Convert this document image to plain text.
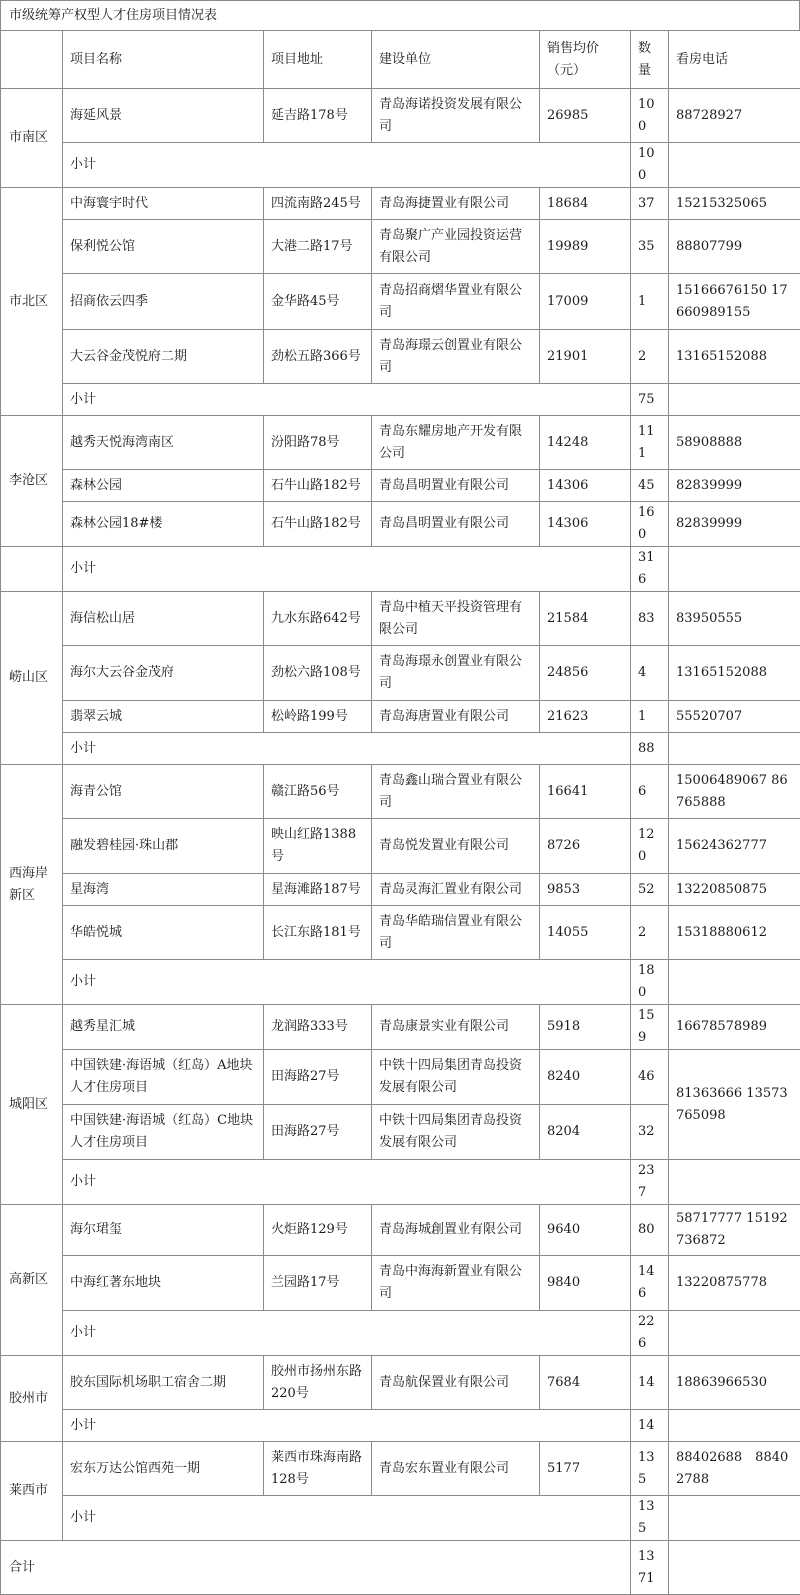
市级统筹产权型人才住房项目情况表
	项目名称	项目地址	建设单位	销售均价（元）	数量	看房电话
市南区	海延风景	延吉路178号	青岛海诺投资发展有限公司	26985	100	88728927
	小计				100	
市北区	中海寰宇时代	四流南路245号	青岛海捷置业有限公司	18684	37	15215325065
	保利悦公馆	大港二路17号	青岛聚广产业园投资运营有限公司	19989	35	88807799
	招商依云四季	金华路45号	青岛招商熠华置业有限公司	17009	1	15166676150 17660989155
	大云谷金茂悦府二期	劲松五路366号	青岛海璟云创置业有限公司	21901	2	13165152088
	小计				75	
李沧区	越秀天悦海湾南区	汾阳路78号	青岛东耀房地产开发有限公司	14248	111	58908888
	森林公园	石牛山路182号	青岛昌明置业有限公司	14306	45	82839999
	森林公园18#楼	石牛山路182号	青岛昌明置业有限公司	14306	160	82839999
	小计				316	
崂山区	海信松山居	九水东路642号	青岛中植天平投资管理有限公司	21584	83	83950555
	海尔大云谷金茂府	劲松六路108号	青岛海璟永创置业有限公司	24856	4	13165152088
	翡翠云城	松岭路199号	青岛海唐置业有限公司	21623	1	55520707
	小计				88	
西海岸新区	海青公馆	赣江路56号	青岛鑫山瑞合置业有限公司	16641	6	15006489067 86765888
	融发碧桂园·珠山郡	映山红路1388号	青岛悦发置业有限公司	8726	120	15624362777
	星海湾	星海滩路187号	青岛灵海汇置业有限公司	9853	52	13220850875
	华皓悦城	长江东路181号	青岛华皓瑞信置业有限公司	14055	2	15318880612
	小计				180	
城阳区	越秀星汇城	龙润路333号	青岛康景实业有限公司	5918	159	16678578989
	中国铁建·海语城（红岛）A地块人才住房项目	田海路27号	中铁十四局集团青岛投资发展有限公司	8240	46	81363666 13573765098
	中国铁建·海语城（红岛）C地块人才住房项目	田海路27号	中铁十四局集团青岛投资发展有限公司	8204	32	
	小计				237	
高新区	海尔珺玺	火炬路129号	青岛海城創置业有限公司	9640	80	58717777 15192736872
	中海红著东地块	兰园路17号	青岛中海海新置业有限公司	9840	146	13220875778
	小计				226	
胶州市	胶东国际机场职工宿舍二期	胶州市扬州东路220号	青岛航保置业有限公司	7684	14	18863966530
	小计				14	
莱西市	宏东万达公馆西苑一期	莱西市珠海南路128号	青岛宏东置业有限公司	5177	135	88402688　8840 2788
	小计				135	
合计					1371	
